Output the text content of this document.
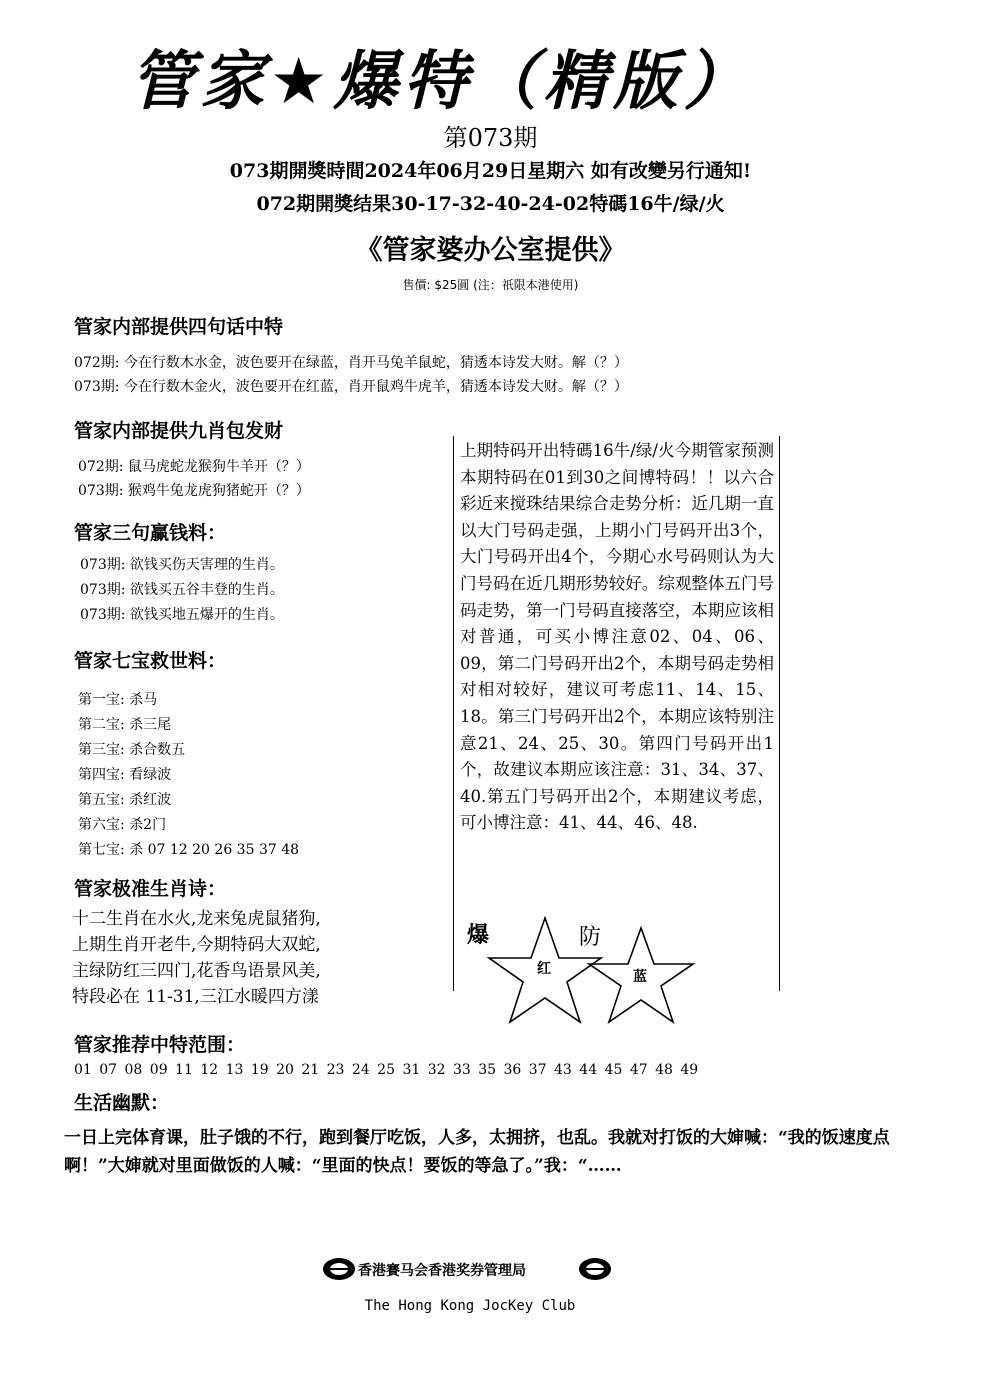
管家★爆特（精版）
第073期
073期開獎時間2024年06月29日星期六 如有改變另行通知!
072期開獎结果30-17-32-40-24-02特碼16牛/绿/火
《管家婆办公室提供》
售價: $25圓 (注：祇限本港使用)
管家内部提供四句话中特
072期: 今在行数木水金，波色要开在绿蓝，肖开马兔羊鼠蛇，猜透本诗发大财。解（？）
073期: 今在行数木金火，波色要开在红蓝，肖开鼠鸡牛虎羊，猜透本诗发大财。解（？）
管家内部提供九肖包发财
072期: 鼠马虎蛇龙猴狗牛羊开（？）
073期: 猴鸡牛兔龙虎狗猪蛇开（？）
管家三句赢钱料：
073期: 欲钱买伤天害理的生肖。
073期: 欲钱买五谷丰登的生肖。
073期: 欲钱买地五爆开的生肖。
管家七宝救世料：
第一宝: 杀马
第二宝: 杀三尾
第三宝: 杀合数五
第四宝: 看绿波
第五宝: 杀红波
第六宝: 杀2门
第七宝: 杀 07 12 20 26 35 37 48
管家极准生肖诗：
十二生肖在水火,龙来兔虎鼠猪狗,
上期生肖开老牛,今期特码大双蛇,
主绿防红三四门,花香鸟语景风美,
特段必在 11-31,三江水暖四方漾
上期特码开出特碼16牛/绿/火今期管家预测本期特码在01到30之间博特码！！以六合彩近来搅珠结果综合走势分析：近几期一直以大门号码走强，上期小门号码开出3个，大门号码开出4个，今期心水号码则认为大门号码在近几期形势较好。综观整体五门号码走势，第一门号码直接落空，本期应该相对普通，可买小博注意02、04、06、09，第二门号码开出2个，本期号码走势相对相对较好，建议可考虑11、14、15、18。第三门号码开出2个，本期应该特别注意21、24、25、30。第四门号码开出1个，故建议本期应该注意：31、34、37、40.第五门号码开出2个，本期建议考虑，可小博注意：41、44、46、48.
爆
红
防
蓝
管家推荐中特范围：
01 07 08 09 11 12 13 19 20 21 23 24 25 31 32 33 35 36 37 43 44 45 47 48 49
生活幽默：
一日上完体育课，肚子饿的不行，跑到餐厅吃饭，人多，太拥挤，也乱。我就对打饭的大婶喊：“我的饭速度点啊！”大婶就对里面做饭的人喊：“里面的快点！要饭的等急了。”我：“……
香港賽马会香港奖券管理局
The Hong Kong JocKey Club
